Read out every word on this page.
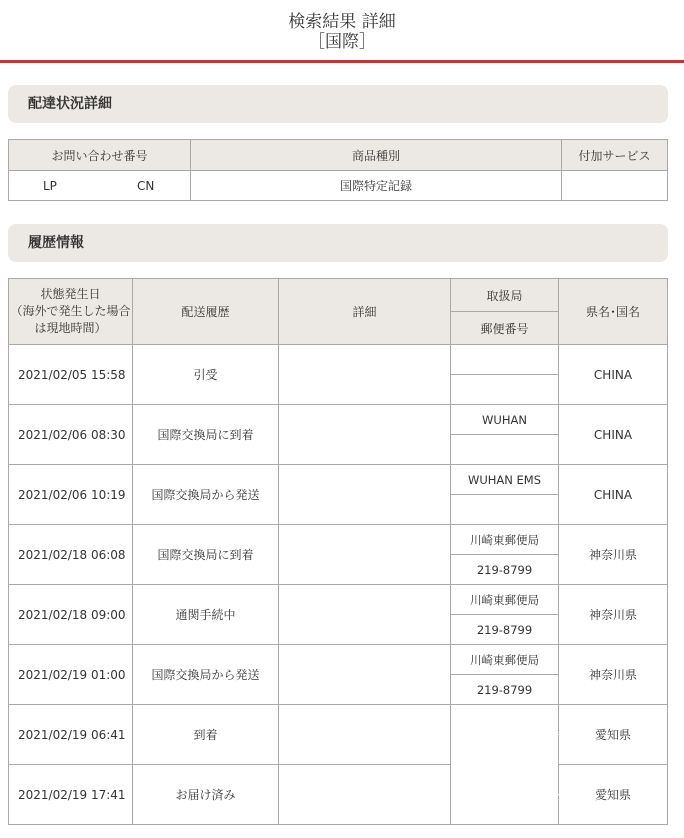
検索結果 詳細
［国際］
配達状況詳細
お問い合わせ番号	商品種別	付加サービス

LP CN	国際特定記録	
履歴情報
状態発生日
（海外で発生した場合は現地時間）	配送履歴	詳細	取扱局	県名･国名
			郵便番号	
2021/02/05 15:58	引受			CHINA

2021/02/06 08:30	国際交換局に到着		WUHAN	CHINA

2021/02/06 10:19	国際交換局から発送		WUHAN EMS	CHINA

2021/02/18 06:08	国際交換局に到着		川崎東郵便局	神奈川県
			219-8799	
2021/02/18 09:00	通関手続中		川崎東郵便局	神奈川県
			219-8799	
2021/02/19 01:00	国際交換局から発送		川崎東郵便局	神奈川県
			219-8799	
2021/02/19 06:41	到着			愛知県

2021/02/19 17:41	お届け済み			愛知県
